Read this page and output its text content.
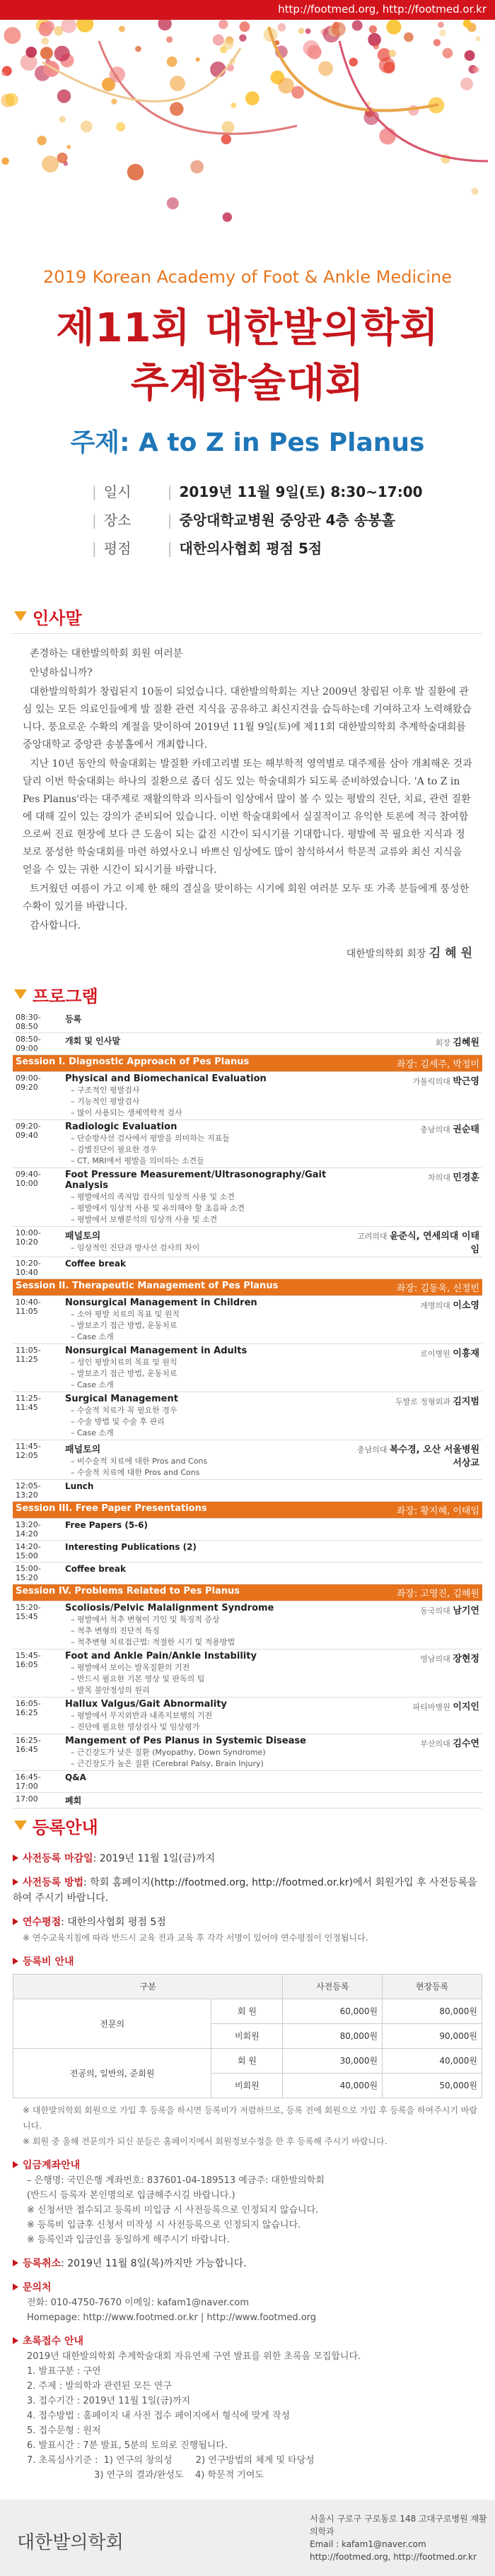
http://footmed.org, http://footmed.or.kr
2019 Korean Academy of Foot & Ankle Medicine
제11회 대한발의학회
추계학술대회
주제: A to Z in Pes Planus
| 일시	| 2019년 11월 9일(토) 8:30~17:00
| 장소	| 중앙대학교병원 중앙관 4층 송봉홀
| 평점	| 대한의사협회 평점 5점
인사말

존경하는 대한발의학회 회원 여러분

안녕하십니까?

대한발의학회가 창립된지 10돌이 되었습니다. 대한발의학회는 지난 2009년 창립된 이후 발 질환에 관심 있는 모든 의료인들에게 발 질환 관련 지식을 공유하고 최신지견을 습득하는데 기여하고자 노력해왔습니다. 풍요로운 수확의 계절을 맞이하여 2019년 11월 9일(토)에 제11회 대한발의학회 추계학술대회를 중앙대학교 중앙관 송봉홀에서 개최합니다.

지난 10년 동안의 학술대회는 발질환 카데고리별 또는 해부학적 영역별로 대주제를 삼아 개최해온 것과 달리 이번 학술대회는 하나의 질환으로 좁더 심도 있는 학술대회가 되도록 준비하였습니다. 'A to Z in Pes Planus'라는 대주제로 재활의학과 의사들이 임상에서 많이 볼 수 있는 평발의 진단, 치료, 관련 질환에 대해 깊이 있는 강의가 준비되어 있습니다. 이번 학술대회에서 실질적이고 유익한 토론에 적극 참여함으로써 진료 현장에 보다 큰 도움이 되는 값진 시간이 되시기를 기대합니다. 평발에 꼭 필요한 지식과 정보로 풍성한 학술대회를 마련 하였사오니 바쁘신 임상에도 많이 참석하셔서 학문적 교류와 최신 지식을 얻을 수 있는 귀한 시간이 되시기를 바랍니다.

트거웠던 여름이 가고 이제 한 해의 결실을 맞이하는 시기에 회원 여러분 모두 또 가족 분들에게 풍성한 수확이 있기를 바랍니다.

감사합니다.

대한발의학회 회장 김 혜 원
프로그램
08:30-08:50	등록	

08:50-09:00	개회 및 인사말	회장 김혜원
Session I. Diagnostic Approach of Pes Planus		좌장: 김세주, 박정미
09:00-09:20	Physical and Biomechanical Evaluation
– 구조적인 평발검사
– 기능적인 평발검사
– 많이 사용되는 생체역학적 검사	가톨릭의대 박근영
09:20-09:40	Radiologic Evaluation
– 단순방사선 검사에서 평발을 의미하는 지표들
– 감별진단이 필요한 경우
– CT, MRI에서 평발을 의미하는 소견들	충남의대 권순태
09:40-10:00	Foot Pressure Measurement/Ultrasonography/Gait Analysis
– 평발에서의 족저압 검사의 임상적 사용 및 소견
– 평발에서 임상적 사용 및 유의해야 할 초음파 소견
– 평발에서 보행분석의 임상적 사용 및 소견	차의대 민경훈
10:00-10:20	패널토의
– 임상적인 진단과 방사선 검사의 차이	고려의대 윤준식, 연세의대 이태임
10:20-10:40	Coffee break	

Session II. Therapeutic Management of Pes Planus		좌장: 김동욱, 신정빈
10:40-11:05	Nonsurgical Management in Children
– 소아 평발 치료의 목표 및 원칙
– 발보조기 접근 방법, 운동치료
– Case 소개	계명의대 이소영
11:05-11:25	Nonsurgical Management in Adults
– 성인 평발치료의 목표 및 원칙
– 발보조기 접근 방법, 운동치료
– Case 소개	로이병원 이흥재
11:25-11:45	Surgical Management
– 수술적 치료가 꼭 필요한 경우
– 수술 방법 및 수술 후 관리
– Case 소개	두발로 정형외과 김지범
11:45-12:05	패널토의
– 비수술적 치료에 대한 Pros and Cons
– 수술적 치료에 대한 Pros and Cons	충남의대 복수경, 오산 서울병원 서상교
12:05-13:20	Lunch	

Session III. Free Paper Presentations		좌장: 황지혜, 이태임
13:20-14:20	Free Papers (5-6)	

14:20-15:00	Interesting Publications (2)	

15:00-15:20	Coffee break	

Session IV. Problems Related to Pes Planus		좌장: 고영진, 김혜원
15:20-15:45	Scoliosis/Pelvic Malalignment Syndrome
– 평발에서 척추 변형이 기인 및 특징적 증상
– 척추 변형의 진단적 특징
– 척추변형 치료접근법: 적절한 시기 및 적용방법	동국의대 남기연
15:45-16:05	Foot and Ankle Pain/Ankle Instability
– 평발에서 보이는 발목질환의 기전
– 반드시 필요한 기본 영상 및 판독의 팁
– 발목 불안정성의 원리	영남의대 장현정
16:05-16:25	Hallux Valgus/Gait Abnormality
– 평발에서 무지외반과 내족지보행의 기전
– 진단에 필요한 영상검사 및 임상평가	파티마병원 이지인
16:25-16:45	Mangement of Pes Planus in Systemic Disease
– 근긴장도가 낮은 질환 (Myopathy, Down Syndrome)
– 근긴장도가 높은 질환 (Cerebral Palsy, Brain Injury)	부산의대 김수연
16:45-17:00	Q&A	

17:00	폐회	

등록안내
사전등록 마감일: 2019년 11월 1일(금)까지
사전등록 방법: 학회 홈페이지(http://footmed.org, http://footmed.or.kr)에서 회원가입 후 사전등록을 하여 주시기 바랍니다.
연수평점: 대한의사협회 평점 5점
※ 연수교육지침에 따라 반드시 교육 전과 교육 후 각각 서명이 있어야 연수평점이 인정됩니다.
등록비 안내
구분		사전등록	현장등록
전문의	회 원	60,000원	80,000원
	비회원	80,000원	90,000원
전공의, 일반의, 준회원	회 원	30,000원	40,000원
	비회원	40,000원	50,000원
※ 대한발의학회 회원으로 가입 후 등록을 하시면 등록비가 저렴하므로, 등록 전에 회원으로 가입 후 등록을 하여주시기 바랍니다.
※ 회원 중 올해 전문의가 되신 분들은 홈페이지에서 회원정보수정을 한 후 등록해 주시기 바랍니다.
입금계좌안내
– 은행명: 국민은행 계좌번호: 837601-04-189513 예금주: 대한발의학회
(반드시 등록자 본인명의로 입금해주시길 바랍니다.)
※ 신청서만 접수되고 등록비 미입금 시 사전등록으로 인정되지 않습니다.
※ 등록비 입금후 신청서 미작성 시 사전등록으로 인정되지 않습니다.
※ 등록인과 입금인을 동일하게 해주시기 바랍니다.
등록취소: 2019년 11월 8일(목)까지만 가능합니다.
문의처
전화: 010-4750-7670 이메일: kafam1@naver.com
Homepage: http://www.footmed.or.kr | http://www.footmed.org
초록접수 안내
2019년 대한발의학회 추계학술대회 자유연제 구연 발표를 위한 초록을 모집합니다.
1. 발표구분 : 구연
2. 주제 : 발의학과 관련된 모든 연구
3. 접수기간 : 2019년 11월 1일(금)까지
4. 접수방법 : 홈페이지 내 사전 접수 페이지에서 형식에 맞게 작성
5. 접수문형 : 원저
6. 발표시간 : 7분 발표, 5분의 토의로 진행됩니다.
7. 초록심사기준 :  1) 연구의 창의성        2) 연구방법의 체계 및 타당성
3) 연구의 결과/완성도    4) 학문적 기여도
대한발의학회
서울시 구로구 구로동로 148 고대구로병원 재활의학과
Email : kafam1@naver.com
http://footmed.org, http://footmed.or.kr
